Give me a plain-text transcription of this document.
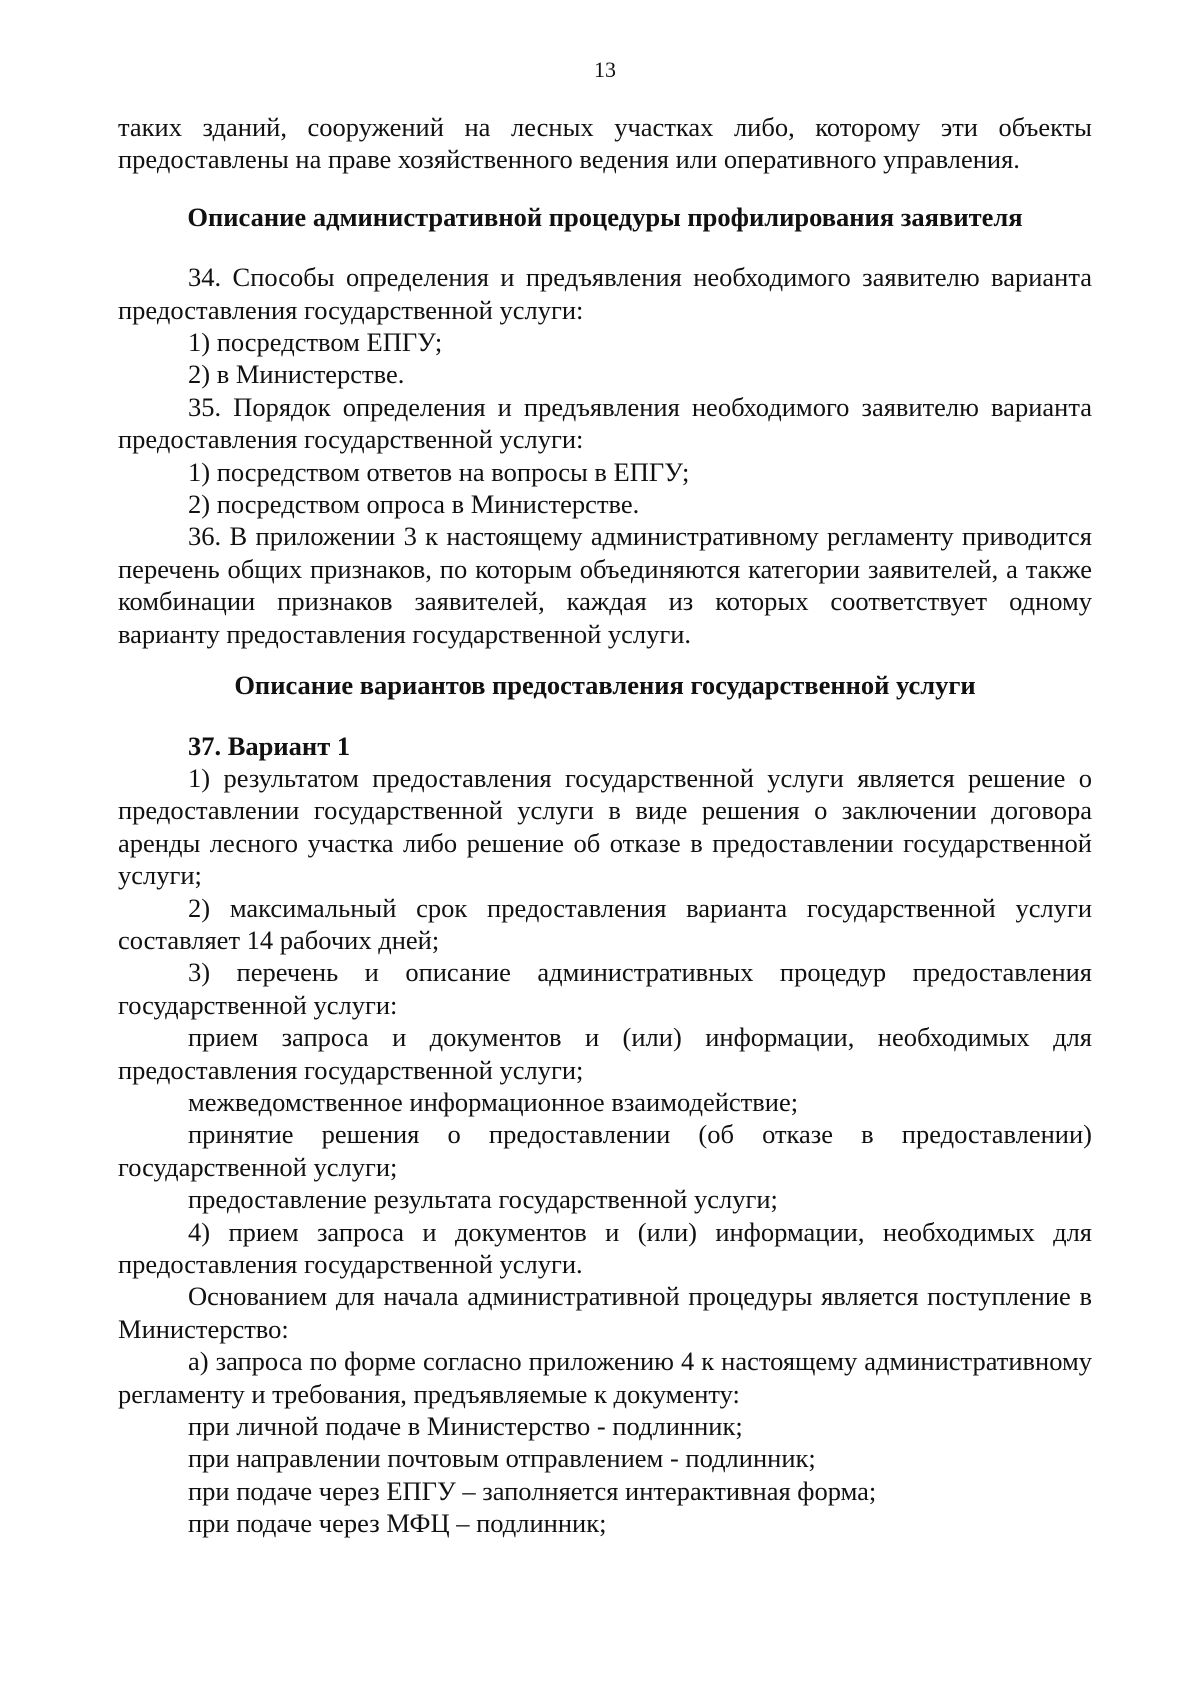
13

таких зданий, сооружений на лесных участках либо, которому эти объекты предоставлены на праве хозяйственного ведения или оперативного управления.

Описание административной процедуры профилирования заявителя

34. Способы определения и предъявления необходимого заявителю варианта предоставления государственной услуги:

1) посредством ЕПГУ;

2) в Министерстве.

35. Порядок определения и предъявления необходимого заявителю варианта предоставления государственной услуги:

1) посредством ответов на вопросы в ЕПГУ;

2) посредством опроса в Министерстве.

36. В приложении 3 к настоящему административному регламенту приводится перечень общих признаков, по которым объединяются категории заявителей, а также комбинации признаков заявителей, каждая из которых соответствует одному варианту предоставления государственной услуги.

Описание вариантов предоставления государственной услуги

37. Вариант 1

1) результатом предоставления государственной услуги является решение о предоставлении государственной услуги в виде решения о заключении договора аренды лесного участка либо решение об отказе в предоставлении государственной услуги;

2) максимальный срок предоставления варианта государственной услуги составляет 14 рабочих дней;

3) перечень и описание административных процедур предоставления государственной услуги:

прием запроса и документов и (или) информации, необходимых для предоставления государственной услуги;

межведомственное информационное взаимодействие;

принятие решения о предоставлении (об отказе в предоставлении) государственной услуги;

предоставление результата государственной услуги;

4) прием запроса и документов и (или) информации, необходимых для предоставления государственной услуги.

Основанием для начала административной процедуры является поступление в Министерство:

а) запроса по форме согласно приложению 4 к настоящему административному регламенту и требования, предъявляемые к документу:

при личной подаче в Министерство - подлинник;

при направлении почтовым отправлением - подлинник;

при подаче через ЕПГУ – заполняется интерактивная форма;

при подаче через МФЦ – подлинник;
